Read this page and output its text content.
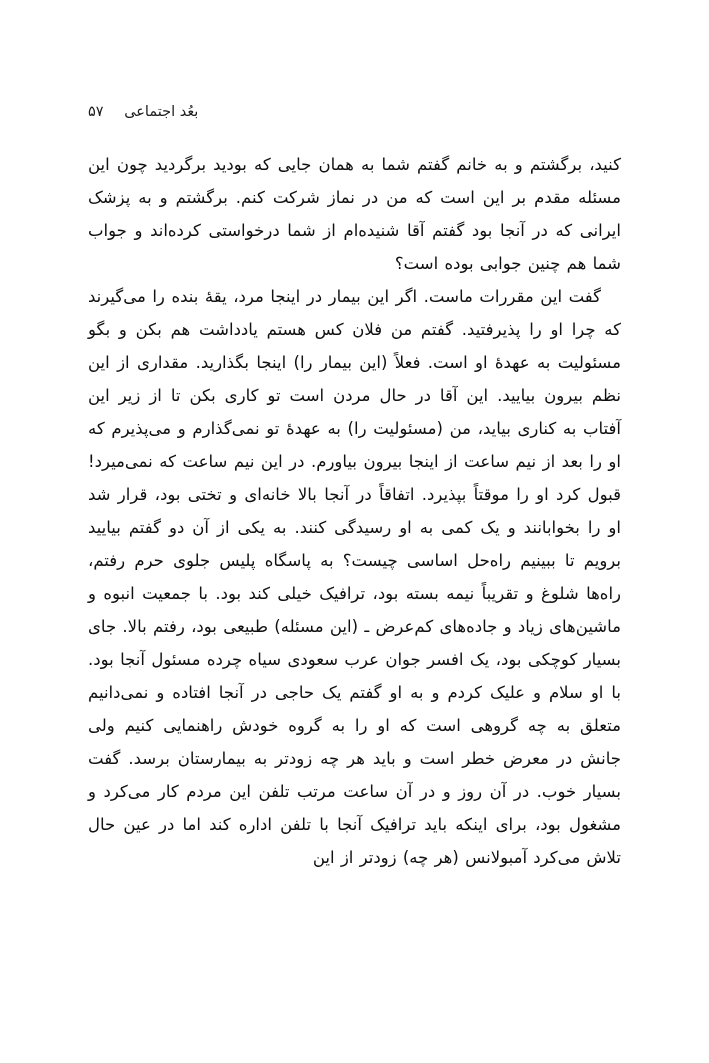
بعُد اجتماعی ۵۷

کنید، برگشتم و به خانم گفتم شما به همان جایی که بودید برگردید چون این مسئله مقدم بر این است که من در نماز شرکت کنم. برگشتم و به پزشک ایرانی که در آنجا بود گفتم آقا شنیده‌ام از شما درخواستی کرده‌اند و جواب شما هم چنین جوابی بوده است؟

گفت این مقررات ماست. اگر این بیمار در اینجا مرد، یقهٔ بنده را می‌گیرند که چرا او را پذیرفتید. گفتم من فلان کس هستم یادداشت هم بکن و بگو مسئولیت به عهدهٔ او است. فعلاً (این بیمار را) اینجا بگذارید. مقداری از این نظم بیرون بیایید. این آقا در حال مردن است تو کاری بکن تا از زیر این آفتاب به کناری بیاید، من (مسئولیت را) به عهدهٔ تو نمی‌گذارم و می‌پذیرم که او را بعد از نیم ساعت از اینجا بیرون بیاورم. در این نیم ساعت که نمی‌میرد! قبول کرد او را موقتاً بپذیرد. اتفاقاً در آنجا بالا خانه‌ای و تختی بود، قرار شد او را بخوابانند و یک کمی به او رسیدگی کنند. به یکی از آن دو گفتم بیایید برویم تا ببینیم راه‌حل اساسی چیست؟ به پاسگاه پلیس جلوی حرم رفتم، راه‌ها شلوغ و تقریباً نیمه بسته بود، ترافیک خیلی کند بود. با جمعیت انبوه و ماشین‌های زیاد و جاده‌های کم‌عرض ـ (این مسئله) طبیعی بود، رفتم بالا. جای بسیار کوچکی بود، یک افسر جوان عرب سعودی سیاه چرده مسئول آنجا بود. با او سلام و علیک کردم و به او گفتم یک حاجی در آنجا افتاده و نمی‌دانیم متعلق به چه گروهی است که او را به گروه خودش راهنمایی کنیم ولی جانش در معرض خطر است و باید هر چه زودتر به بیمارستان برسد. گفت بسیار خوب. در آن روز و در آن ساعت مرتب تلفن این مردم کار می‌کرد و مشغول بود، برای اینکه باید ترافیک آنجا با تلفن اداره کند اما در عین حال تلاش می‌کرد آمبولانس (هر چه) زودتر از این
